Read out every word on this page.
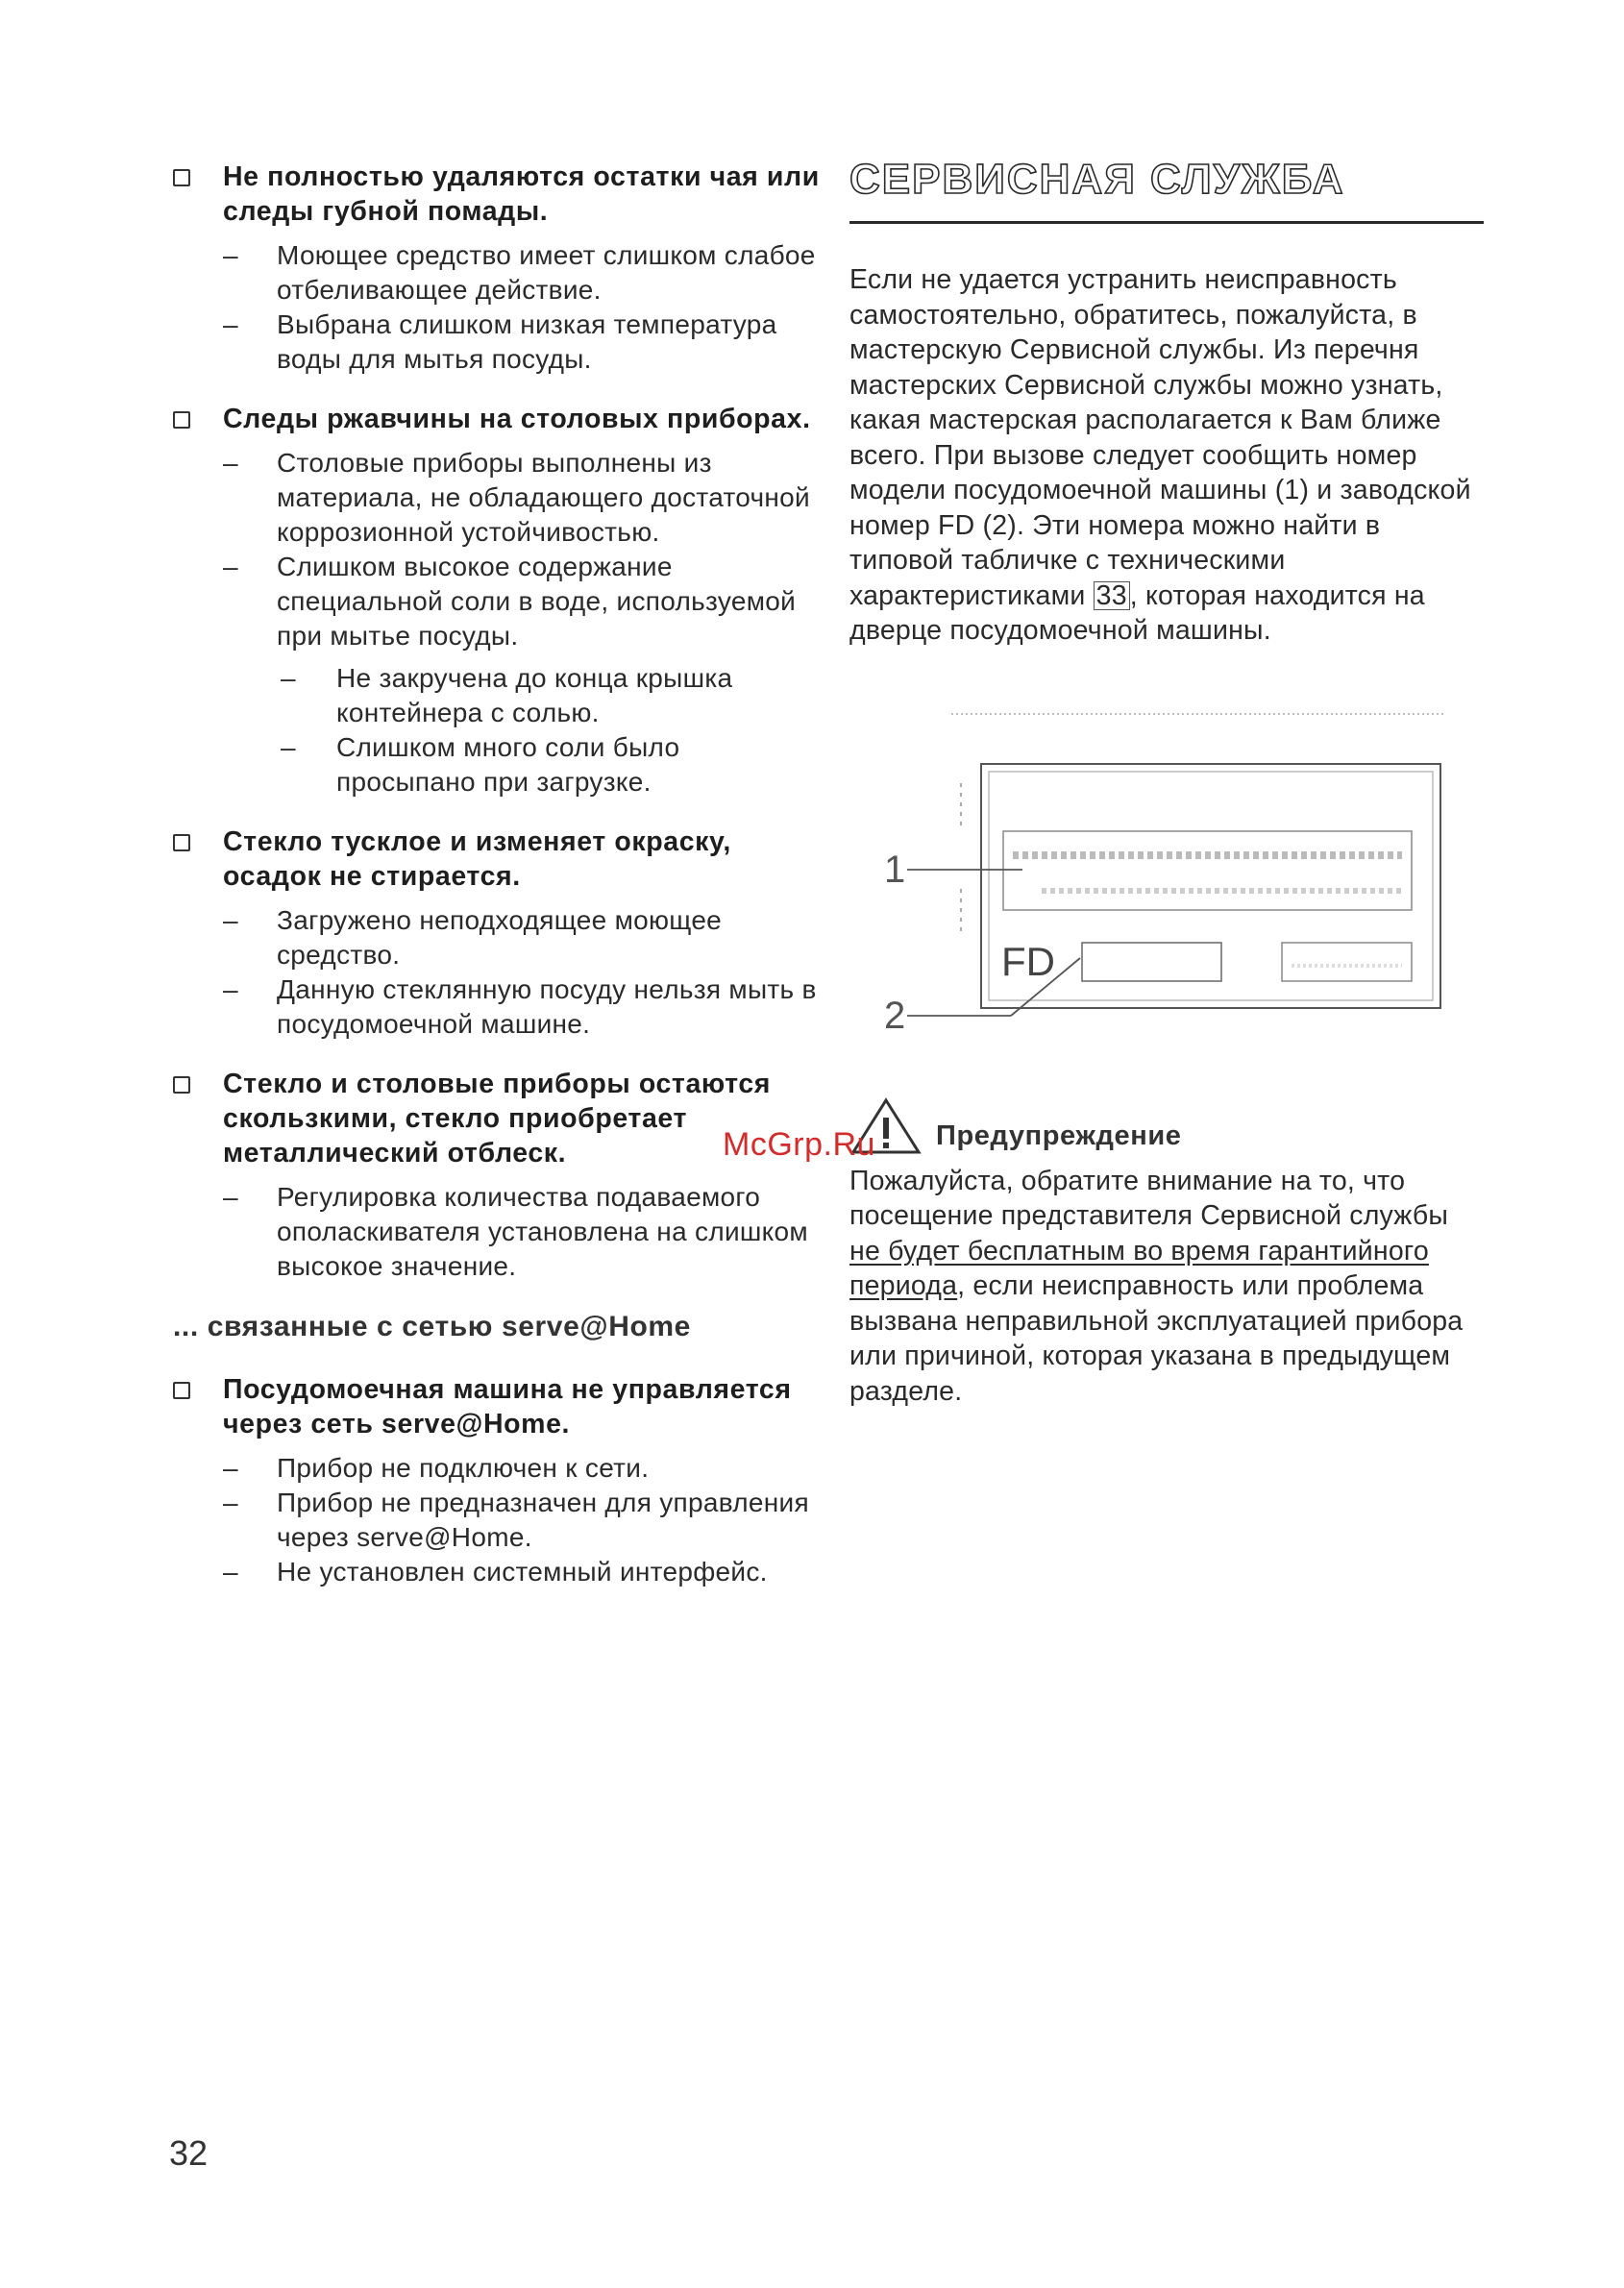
Не полностью удаляются остатки чая или следы губной помады.
– Моющее средство имеет слишком слабое отбеливающее действие.
– Выбрана слишком низкая температура воды для мытья посуды.
Следы ржавчины на столовых приборах.
– Столовые приборы выполнены из материала, не обладающего достаточной коррозионной устойчивостью.
– Слишком высокое содержание специальной соли в воде, используемой при мытье посуды.
– Не закручена до конца крышка контейнера с солью.
– Слишком много соли было просыпано при загрузке.
Стекло тусклое и изменяет окраску, осадок не стирается.
– Загружено неподходящее моющее средство.
– Данную стеклянную посуду нельзя мыть в посудомоечной машине.
Стекло и столовые приборы остаются скользкими, стекло приобретает металлический отблеск.
– Регулировка количества подаваемого ополаскивателя установлена на слишком высокое значение.
... связанные с сетью serve@Home
Посудомоечная машина не управляется через сеть serve@Home.
– Прибор не подключен к сети.
– Прибор не предназначен для управления через serve@Home.
– Не установлен системный интерфейс.
СЕРВИСНАЯ СЛУЖБА

Если не удается устранить неисправность самостоятельно, обратитесь, пожалуйста, в мастерскую Сервисной службы. Из перечня мастерских Сервисной службы можно узнать, какая мастерская располагается к Вам ближе всего. При вызове следует сообщить номер модели посудомоечной машины (1) и заводской номер FD (2). Эти номера можно найти в типовой табличке с техническими характеристиками 33 , которая находится на дверце посудомоечной машины.

1
2
FD
Предупреждение

Пожалуйста, обратите внимание на то, что посещение представителя Сервисной службы не будет бесплатным во время гарантийного периода, если неисправность или проблема вызвана неправильной эксплуатацией прибора или причиной, которая указана в предыдущем разделе.

McGrp.Ru
32
